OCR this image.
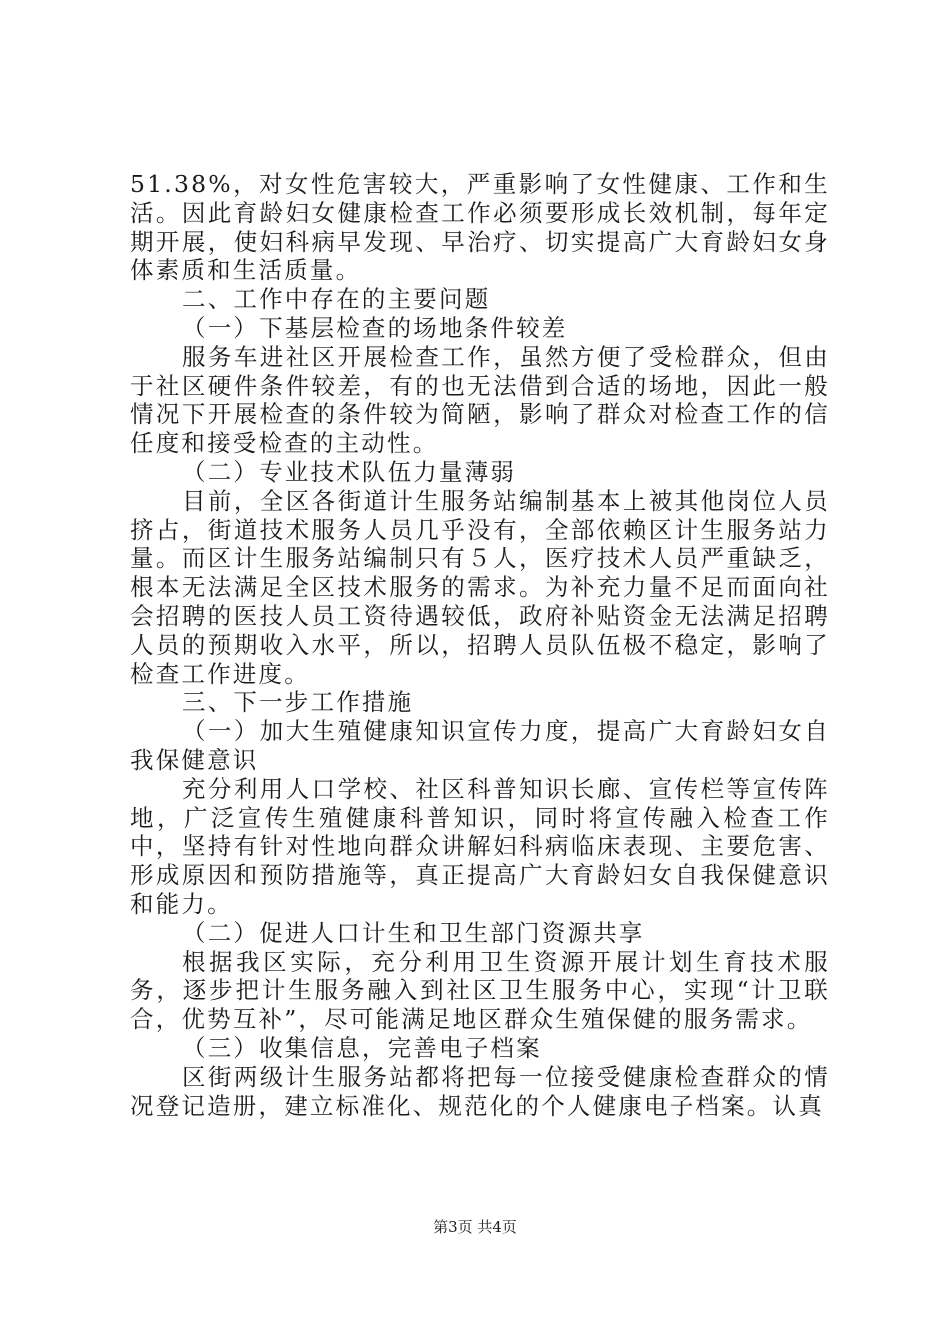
51.38%，对女性危害较大，严重影响了女性健康、工作和生活。因此育龄妇女健康检查工作必须要形成长效机制，每年定期开展，使妇科病早发现、早治疗、切实提高广大育龄妇女身体素质和生活质量。

二、工作中存在的主要问题

（一）下基层检查的场地条件较差

服务车进社区开展检查工作，虽然方便了受检群众，但由于社区硬件条件较差，有的也无法借到合适的场地，因此一般情况下开展检查的条件较为简陋，影响了群众对检查工作的信任度和接受检查的主动性。

（二）专业技术队伍力量薄弱

目前，全区各街道计生服务站编制基本上被其他岗位人员挤占，街道技术服务人员几乎没有，全部依赖区计生服务站力量。而区计生服务站编制只有５人，医疗技术人员严重缺乏，根本无法满足全区技术服务的需求。为补充力量不足而面向社会招聘的医技人员工资待遇较低，政府补贴资金无法满足招聘人员的预期收入水平，所以，招聘人员队伍极不稳定，影响了检查工作进度。

三、下一步工作措施

（一）加大生殖健康知识宣传力度，提高广大育龄妇女自我保健意识

充分利用人口学校、社区科普知识长廊、宣传栏等宣传阵地，广泛宣传生殖健康科普知识，同时将宣传融入检查工作中，坚持有针对性地向群众讲解妇科病临床表现、主要危害、形成原因和预防措施等，真正提高广大育龄妇女自我保健意识和能力。

（二）促进人口计生和卫生部门资源共享

根据我区实际，充分利用卫生资源开展计划生育技术服务，逐步把计生服务融入到社区卫生服务中心，实现“计卫联合，优势互补”，尽可能满足地区群众生殖保健的服务需求。

（三）收集信息，完善电子档案

区街两级计生服务站都将把每一位接受健康检查群众的情况登记造册，建立标准化、规范化的个人健康电子档案。认真

第3页 共4页
